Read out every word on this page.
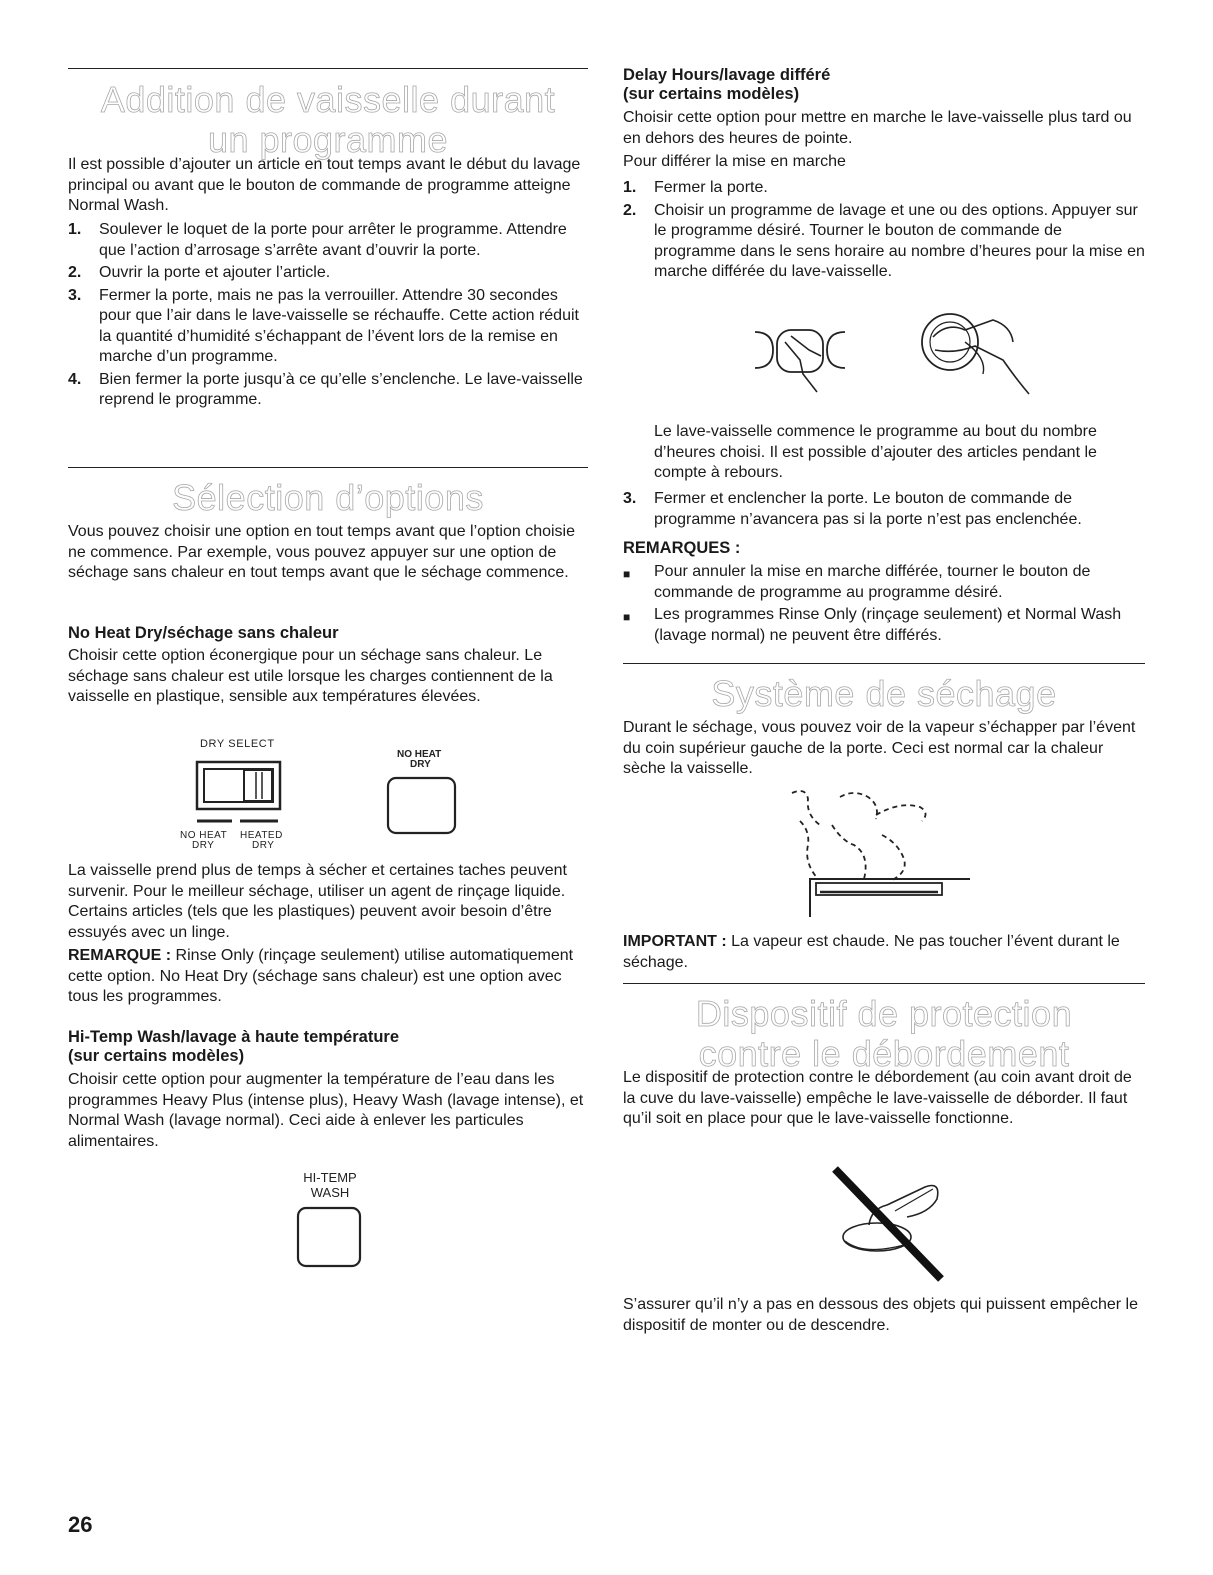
Addition de vaisselle durant
un programme

Il est possible d’ajouter un article en tout temps avant le début du lavage principal ou avant que le bouton de commande de programme atteigne Normal Wash.

1. Soulever le loquet de la porte pour arrêter le programme. Attendre que l’action d’arrosage s’arrête avant d’ouvrir la porte.
2. Ouvrir la porte et ajouter l’article.
3. Fermer la porte, mais ne pas la verrouiller. Attendre 30 secondes pour que l’air dans le lave-vaisselle se réchauffe. Cette action réduit la quantité d’humidité s’échappant de l’évent lors de la remise en marche d’un programme.
4. Bien fermer la porte jusqu’à ce qu’elle s’enclenche. Le lave-vaisselle reprend le programme.
Sélection d’options

Vous pouvez choisir une option en tout temps avant que l’option choisie ne commence. Par exemple, vous pouvez appuyer sur une option de séchage sans chaleur en tout temps avant que le séchage commence.

No Heat Dry/séchage sans chaleur

Choisir cette option éconergique pour un séchage sans chaleur. Le séchage sans chaleur est utile lorsque les charges contiennent de la vaisselle en plastique, sensible aux températures élevées.

DRY SELECT
NO HEAT
DRY
HEATED
DRY
NO HEAT
DRY

La vaisselle prend plus de temps à sécher et certaines taches peuvent survenir. Pour le meilleur séchage, utiliser un agent de rinçage liquide. Certains articles (tels que les plastiques) peuvent avoir besoin d’être essuyés avec un linge.

REMARQUE : Rinse Only (rinçage seulement) utilise automatiquement cette option. No Heat Dry (séchage sans chaleur) est une option avec tous les programmes.

Hi-Temp Wash/lavage à haute température
(sur certains modèles)

Choisir cette option pour augmenter la température de l’eau dans les programmes Heavy Plus (intense plus), Heavy Wash (lavage intense), et Normal Wash (lavage normal). Ceci aide à enlever les particules alimentaires.

HI-TEMP
WASH
26
Delay Hours/lavage différé
(sur certains modèles)

Choisir cette option pour mettre en marche le lave-vaisselle plus tard ou en dehors des heures de pointe.

Pour différer la mise en marche

1. Fermer la porte.
2. Choisir un programme de lavage et une ou des options. Appuyer sur le programme désiré. Tourner le bouton de commande de programme dans le sens horaire au nombre d’heures pour la mise en marche différée du lave-vaisselle.

Le lave-vaisselle commence le programme au bout du nombre d’heures choisi. Il est possible d’ajouter des articles pendant le compte à rebours.

3. Fermer et enclencher la porte. Le bouton de commande de programme n’avancera pas si la porte n’est pas enclenchée.
REMARQUES :
■ Pour annuler la mise en marche différée, tourner le bouton de commande de programme au programme désiré.
■ Les programmes Rinse Only (rinçage seulement) et Normal Wash (lavage normal) ne peuvent être différés.
Système de séchage

Durant le séchage, vous pouvez voir de la vapeur s’échapper par l’évent du coin supérieur gauche de la porte. Ceci est normal car la chaleur sèche la vaisselle.

IMPORTANT : La vapeur est chaude. Ne pas toucher l’évent durant le séchage.

Dispositif de protection
contre le débordement

Le dispositif de protection contre le débordement (au coin avant droit de la cuve du lave-vaisselle) empêche le lave-vaisselle de déborder. Il faut qu’il soit en place pour que le lave-vaisselle fonctionne.

S’assurer qu’il n’y a pas en dessous des objets qui puissent empêcher le dispositif de monter ou de descendre.
